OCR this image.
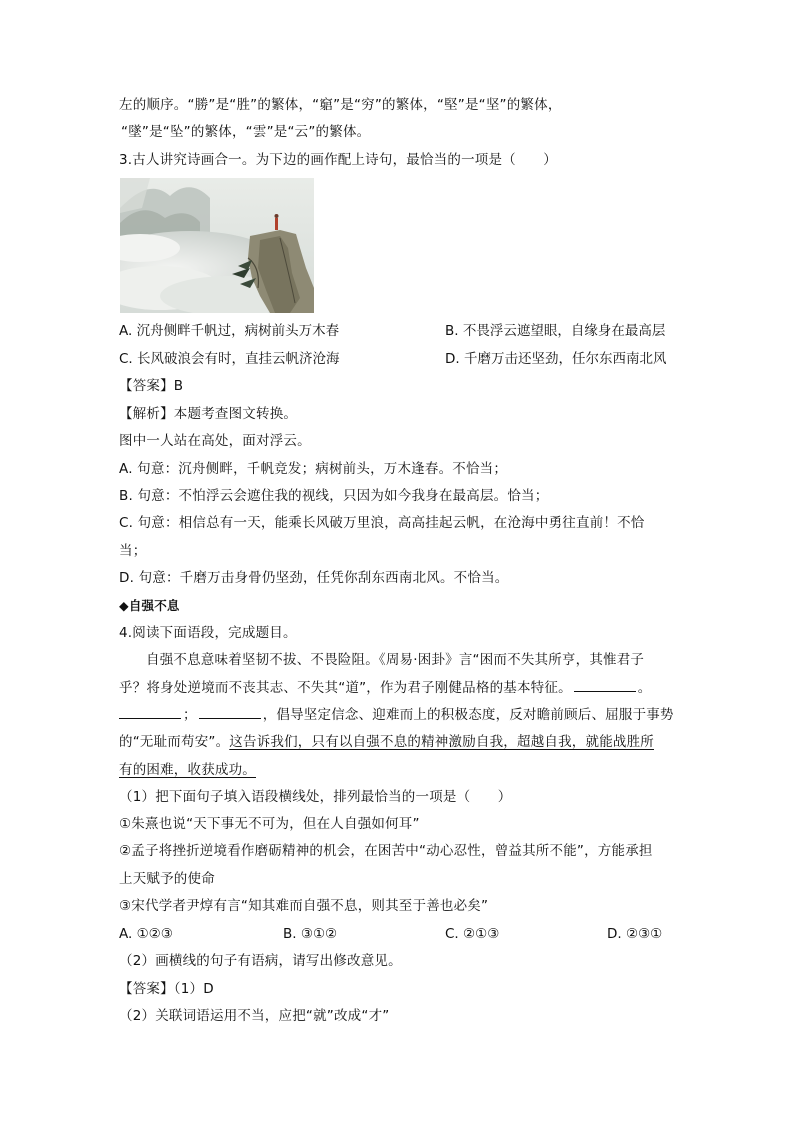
左的顺序。“勝”是“胜”的繁体，“竆”是“穷”的繁体，“堅”是“坚”的繁体，
“墜”是“坠”的繁体，“雲”是“云”的繁体。
3.古人讲究诗画合一。为下边的画作配上诗句，最恰当的一项是（　　）
A. 沉舟侧畔千帆过，病树前头万木春	B. 不畏浮云遮望眼，自缘身在最高层
C. 长风破浪会有时，直挂云帆济沧海	D. 千磨万击还坚劲，任尔东西南北风
【答案】B
【解析】本题考查图文转换。
图中一人站在高处，面对浮云。
A. 句意：沉舟侧畔，千帆竞发；病树前头，万木逢春。不恰当；
B. 句意：不怕浮云会遮住我的视线，只因为如今我身在最高层。恰当；
C. 句意：相信总有一天，能乘长风破万里浪，高高挂起云帆，在沧海中勇往直前！不恰
当；
D. 句意：千磨万击身骨仍坚劲，任凭你刮东西南北风。不恰当。
◆自强不息
4.阅读下面语段，完成题目。
自强不息意味着坚韧不拔、不畏险阻。《周易·困卦》言“困而不失其所亨，其惟君子
乎？将身处逆境而不丧其志、不失其“道”，作为君子刚健品格的基本特征。	。
；	，倡导坚定信念、迎难而上的积极态度，反对瞻前顾后、屈服于事势
的“无耻而苟安”。这告诉我们，只有以自强不息的精神激励自我，超越自我，就能战胜所
有的困难，收获成功。
（1）把下面句子填入语段横线处，排列最恰当的一项是（　　）
①朱熹也说“天下事无不可为，但在人自强如何耳”
②孟子将挫折逆境看作磨砺精神的机会，在困苦中“动心忍性，曾益其所不能”，方能承担
上天赋予的使命
③宋代学者尹焞有言“知其难而自强不息，则其至于善也必矣”
A. ①②③	B. ③①②	C. ②①③	D. ②③①
（2）画横线的句子有语病，请写出修改意见。
【答案】（1）D
（2）关联词语运用不当，应把“就”改成“才”
